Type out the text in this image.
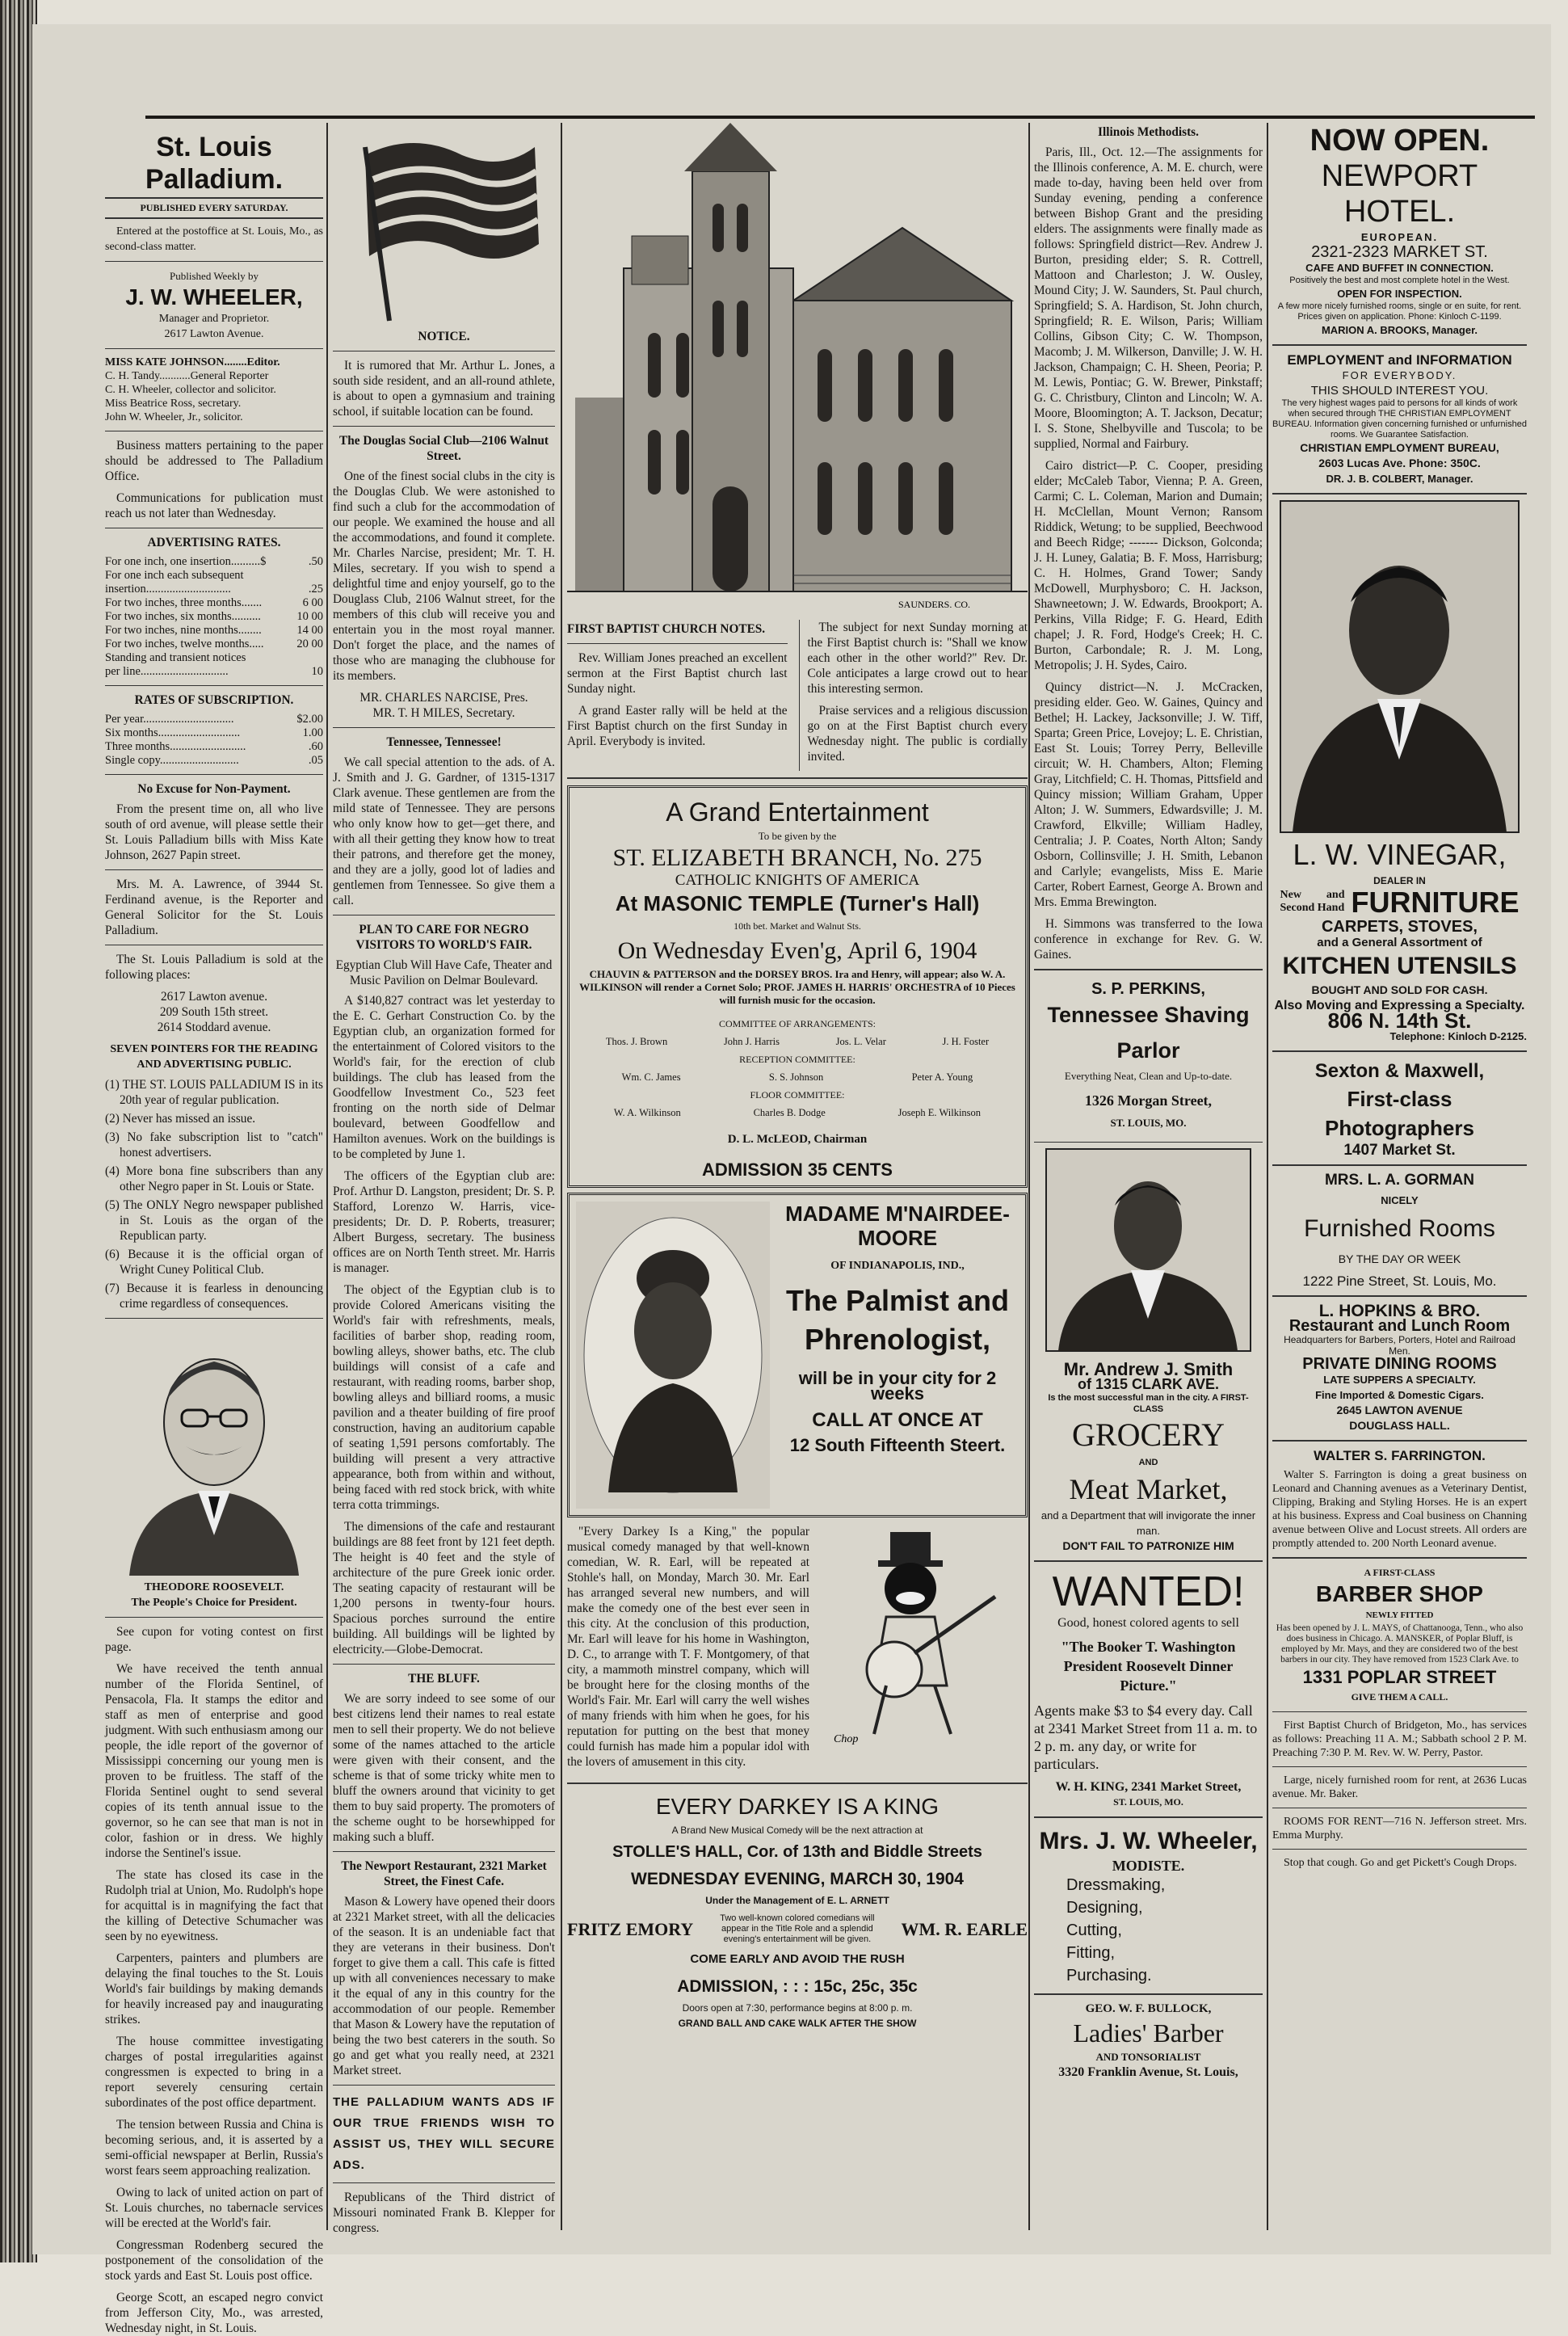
St. Louis Palladium.
PUBLISHED EVERY SATURDAY.

Entered at the postoffice at St. Louis, Mo., as second-class matter.

Published Weekly by
J. W. WHEELER,
Manager and Proprietor.
2617 Lawton Avenue.
MISS KATE JOHNSON........Editor.
C. H. Tandy...........General Reporter
C. H. Wheeler, collector and solicitor.
Miss Beatrice Ross, secretary.
John W. Wheeler, Jr., solicitor.

Business matters pertaining to the paper should be addressed to The Palladium Office.

Communications for publication must reach us not later than Wednesday.

ADVERTISING RATES.
For one inch, one insertion..........$	.50
For one inch each subsequent
insertion.............................	.25
For two inches, three months.......	6 00
For two inches, six months..........	10 00
For two inches, nine months........	14 00
For two inches, twelve months.....	20 00
Standing and transient notices
per line..............................	10
RATES OF SUBSCRIPTION.
Per year...............................	$2.00
Six months............................	1.00
Three months..........................	.60
Single copy...........................	.05
No Excuse for Non-Payment.

From the present time on, all who live south of ord avenue, will please settle their St. Louis Palladium bills with Miss Kate Johnson, 2627 Papin street.

Mrs. M. A. Lawrence, of 3944 St. Ferdinand avenue, is the Reporter and General Solicitor for the St. Louis Palladium.

The St. Louis Palladium is sold at the following places:

2617 Lawton avenue.
209 South 15th street.
2614 Stoddard avenue.
SEVEN POINTERS FOR THE READING AND ADVERTISING PUBLIC.
(1) THE ST. LOUIS PALLADIUM IS in its 20th year of regular publication.
(2) Never has missed an issue.
(3) No fake subscription list to "catch" honest advertisers.
(4) More bona fine subscribers than any other Negro paper in St. Louis or State.
(5) The ONLY Negro newspaper published in St. Louis as the organ of the Republican party.
(6) Because it is the official organ of Wright Cuney Political Club.
(7) Because it is fearless in denouncing crime regardless of consequences.
THEODORE ROOSEVELT.
The People's Choice for President.

See cupon for voting contest on first page.

We have received the tenth annual number of the Florida Sentinel, of Pensacola, Fla. It stamps the editor and staff as men of enterprise and good judgment. With such enthusiasm among our people, the idle report of the governor of Mississippi concerning our young men is proven to be fruitless. The staff of the Florida Sentinel ought to send several copies of its tenth annual issue to the governor, so he can see that man is not in color, fashion or in dress. We highly indorse the Sentinel's issue.

The state has closed its case in the Rudolph trial at Union, Mo. Rudolph's hope for acquittal is in magnifying the fact that the killing of Detective Schumacher was seen by no eyewitness.

Carpenters, painters and plumbers are delaying the final touches to the St. Louis World's fair buildings by making demands for heavily increased pay and inaugurating strikes.

The house committee investigating charges of postal irregularities against congressmen is expected to bring in a report severely censuring certain subordinates of the post office department.

The tension between Russia and China is becoming serious, and, it is asserted by a semi-official newspaper at Berlin, Russia's worst fears seem approaching realization.

Owing to lack of united action on part of St. Louis churches, no tabernacle services will be erected at the World's fair.

Congressman Rodenberg secured the postponement of the consolidation of the stock yards and East St. Louis post office.

George Scott, an escaped negro convict from Jefferson City, Mo., was arrested, Wednesday night, in St. Louis.

NOTICE.

It is rumored that Mr. Arthur L. Jones, a south side resident, and an all-round athlete, is about to open a gymnasium and training school, if suitable location can be found.

The Douglas Social Club—2106 Walnut Street.

One of the finest social clubs in the city is the Douglas Club. We were astonished to find such a club for the accommodation of our people. We examined the house and all the accommodations, and found it complete. Mr. Charles Narcise, president; Mr. T. H. Miles, secretary. If you wish to spend a delightful time and enjoy yourself, go to the Douglass Club, 2106 Walnut street, for the members of this club will receive you and entertain you in the most royal manner. Don't forget the place, and the names of those who are managing the clubhouse for its members.

MR. CHARLES NARCISE, Pres.
MR. T. H MILES, Secretary.
Tennessee, Tennessee!

We call special attention to the ads. of A. J. Smith and J. G. Gardner, of 1315-1317 Clark avenue. These gentlemen are from the mild state of Tennessee. They are persons who only know how to get—get there, and with all their getting they know how to treat their patrons, and therefore get the money, and they are a jolly, good lot of ladies and gentlemen from Tennessee. So give them a call.

PLAN TO CARE FOR NEGRO VISITORS TO WORLD'S FAIR.
Egyptian Club Will Have Cafe, Theater and Music Pavilion on Delmar Boulevard.

A $140,827 contract was let yesterday to the E. C. Gerhart Construction Co. by the Egyptian club, an organization formed for the entertainment of Colored visitors to the World's fair, for the erection of club buildings. The club has leased from the Goodfellow Investment Co., 523 feet fronting on the north side of Delmar boulevard, between Goodfellow and Hamilton avenues. Work on the buildings is to be completed by June 1.

The officers of the Egyptian club are: Prof. Arthur D. Langston, president; Dr. S. P. Stafford, Lorenzo W. Harris, vice-presidents; Dr. D. P. Roberts, treasurer; Albert Burgess, secretary. The business offices are on North Tenth street. Mr. Harris is manager.

The object of the Egyptian club is to provide Colored Americans visiting the World's fair with refreshments, meals, facilities of barber shop, reading room, bowling alleys, shower baths, etc. The club buildings will consist of a cafe and restaurant, with reading rooms, barber shop, bowling alleys and billiard rooms, a music pavilion and a theater building of fire proof construction, having an auditorium capable of seating 1,591 persons comfortably. The building will present a very attractive appearance, both from within and without, being faced with red stock brick, with white terra cotta trimmings.

The dimensions of the cafe and restaurant buildings are 88 feet front by 121 feet depth. The height is 40 feet and the style of architecture of the pure Greek ionic order. The seating capacity of restaurant will be 1,200 persons in twenty-four hours. Spacious porches surround the entire building. All buildings will be lighted by electricity.—Globe-Democrat.

THE BLUFF.

We are sorry indeed to see some of our best citizens lend their names to real estate men to sell their property. We do not believe some of the names attached to the article were given with their consent, and the scheme is that of some tricky white men to bluff the owners around that vicinity to get them to buy said property. The promoters of the scheme ought to be horsewhipped for making such a bluff.

The Newport Restaurant, 2321 Market Street, the Finest Cafe.

Mason & Lowery have opened their doors at 2321 Market street, with all the delicacies of the season. It is an undeniable fact that they are veterans in their business. Don't forget to give them a call. This cafe is fitted up with all conveniences necessary to make it the equal of any in this country for the accommodation of our people. Remember that Mason & Lowery have the reputation of being the two best caterers in the south. So go and get what you really need, at 2321 Market street.

THE PALLADIUM WANTS ADS IF OUR TRUE FRIENDS WISH TO ASSIST US, THEY WILL SECURE ADS.

Republicans of the Third district of Missouri nominated Frank B. Klepper for congress.

SAUNDERS. CO.
FIRST BAPTIST CHURCH NOTES.

Rev. William Jones preached an excellent sermon at the First Baptist church last Sunday night.

A grand Easter rally will be held at the First Baptist church on the first Sunday in April. Everybody is invited.

The subject for next Sunday morning at the First Baptist church is: "Shall we know each other in the other world?" Rev. Dr. Cole anticipates a large crowd out to hear this interesting sermon.

Praise services and a religious discussion go on at the First Baptist church every Wednesday night. The public is cordially invited.

A Grand Entertainment
To be given by the
ST. ELIZABETH BRANCH, No. 275
CATHOLIC KNIGHTS OF AMERICA
At MASONIC TEMPLE (Turner's Hall)
10th bet. Market and Walnut Sts.
On Wednesday Even'g, April 6, 1904
CHAUVIN & PATTERSON and the DORSEY BROS. Ira and Henry, will appear; also W. A. WILKINSON will render a Cornet Solo; PROF. JAMES H. HARRIS' ORCHESTRA of 10 Pieces will furnish music for the occasion.
COMMITTEE OF ARRANGEMENTS:
Thos. J. Brown	John J. Harris	Jos. L. Velar	J. H. Foster
RECEPTION COMMITTEE:
Wm. C. James	S. S. Johnson	Peter A. Young
FLOOR COMMITTEE:
W. A. Wilkinson	Charles B. Dodge	Joseph E. Wilkinson
D. L. McLEOD, Chairman
ADMISSION 35 CENTS
MADAME M'NAIRDEE-MOORE
OF INDIANAPOLIS, IND.,
The Palmist and Phrenologist,
will be in your city for 2 weeks
CALL AT ONCE AT
12 South Fifteenth Steert.

"Every Darkey Is a King," the popular musical comedy managed by that well-known comedian, W. R. Earl, will be repeated at Stohle's hall, on Monday, March 30. Mr. Earl has arranged several new numbers, and will make the comedy one of the best ever seen in this city. At the conclusion of this production, Mr. Earl will leave for his home in Washington, D. C., to arrange with T. F. Montgomery, of that city, a mammoth minstrel company, which will be brought here for the closing months of the World's Fair. Mr. Earl will carry the well wishes of many friends with him when he goes, for his reputation for putting on the best that money could furnish has made him a popular idol with the lovers of amusement in this city.

Chop
EVERY DARKEY IS A KING
A Brand New Musical Comedy will be the next attraction at
STOLLE'S HALL, Cor. of 13th and Biddle Streets
WEDNESDAY EVENING, MARCH 30, 1904
Under the Management of E. L. ARNETT
FRITZ EMORY
Two well-known colored comedians will appear in the Title Role and a splendid evening's entertainment will be given.	WM. R. EARLE
COME EARLY AND AVOID THE RUSH
ADMISSION, : : : 15c, 25c, 35c
Doors open at 7:30, performance begins at 8:00 p. m.
GRAND BALL AND CAKE WALK AFTER THE SHOW
Illinois Methodists.

Paris, Ill., Oct. 12.—The assignments for the Illinois conference, A. M. E. church, were made to-day, having been held over from Sunday evening, pending a conference between Bishop Grant and the presiding elders. The assignments were finally made as follows: Springfield district—Rev. Andrew J. Burton, presiding elder; S. R. Cottrell, Mattoon and Charleston; J. W. Ousley, Mound City; J. W. Saunders, St. Paul church, Springfield; S. A. Hardison, St. John church, Springfield; R. E. Wilson, Paris; William Collins, Gibson City; C. W. Thompson, Macomb; J. M. Wilkerson, Danville; J. W. H. Jackson, Champaign; C. H. Sheen, Peoria; P. M. Lewis, Pontiac; G. W. Brewer, Pinkstaff; G. C. Christbury, Clinton and Lincoln; W. A. Moore, Bloomington; A. T. Jackson, Decatur; I. S. Stone, Shelbyville and Tuscola; to be supplied, Normal and Fairbury.

Cairo district—P. C. Cooper, presiding elder; McCaleb Tabor, Vienna; P. A. Green, Carmi; C. L. Coleman, Marion and Dumain; H. McClellan, Mount Vernon; Ransom Riddick, Wetung; to be supplied, Beechwood and Beech Ridge; ------- Dickson, Golconda; J. H. Luney, Galatia; B. F. Moss, Harrisburg; C. H. Holmes, Grand Tower; Sandy McDowell, Murphysboro; C. H. Jackson, Shawneetown; J. W. Edwards, Brookport; A. Perkins, Villa Ridge; F. G. Heard, Edith chapel; J. R. Ford, Hodge's Creek; H. C. Burton, Carbondale; R. J. M. Long, Metropolis; J. H. Sydes, Cairo.

Quincy district—N. J. McCracken, presiding elder. Geo. W. Gaines, Quincy and Bethel; H. Lackey, Jacksonville; J. W. Tiff, Sparta; Green Price, Lovejoy; L. E. Christian, East St. Louis; Torrey Perry, Belleville circuit; W. H. Chambers, Alton; Fleming Gray, Litchfield; C. H. Thomas, Pittsfield and Quincy mission; William Graham, Upper Alton; J. W. Summers, Edwardsville; J. M. Crawford, Elkville; William Hadley, Centralia; J. P. Coates, North Alton; Sandy Osborn, Collinsville; J. H. Smith, Lebanon and Carlyle; evangelists, Miss E. Marie Carter, Robert Earnest, George A. Brown and Mrs. Emma Brewington.

H. Simmons was transferred to the Iowa conference in exchange for Rev. G. W. Gaines.

S. P. PERKINS,
Tennessee Shaving Parlor
Everything Neat, Clean and Up-to-date.
1326 Morgan Street,
ST. LOUIS, MO.
Mr. Andrew J. Smith
of 1315 CLARK AVE.
Is the most successful man in the city. A FIRST-CLASS
GROCERY
AND
Meat Market,
and a Department that will invigorate the inner man.
DON'T FAIL TO PATRONIZE HIM
WANTED!
Good, honest colored agents to sell
"The Booker T. Washington President Roosevelt Dinner Picture."
Agents make $3 to $4 every day. Call at 2341 Market Street from 11 a. m. to 2 p. m. any day, or write for particulars.
W. H. KING, 2341 Market Street,
ST. LOUIS, MO.
Mrs. J. W. Wheeler,
MODISTE.
Dressmaking,
Designing,
Cutting,
Fitting,
Purchasing.
GEO. W. F. BULLOCK,
Ladies' Barber
AND TONSORIALIST
3320 Franklin Avenue, St. Louis,
NOW OPEN.
NEWPORT HOTEL.
EUROPEAN.
2321-2323 MARKET ST.
CAFE AND BUFFET IN CONNECTION.
Positively the best and most complete hotel in the West.
OPEN FOR INSPECTION.
A few more nicely furnished rooms, single or en suite, for rent. Prices given on application. Phone: Kinloch C-1199.
MARION A. BROOKS, Manager.
EMPLOYMENT and INFORMATION
FOR EVERYBODY.
THIS SHOULD INTEREST YOU.
The very highest wages paid to persons for all kinds of work when secured through THE CHRISTIAN EMPLOYMENT BUREAU. Information given concerning furnished or unfurnished rooms. We Guarantee Satisfaction.
CHRISTIAN EMPLOYMENT BUREAU,
2603 Lucas Ave. Phone: 350C.
DR. J. B. COLBERT, Manager.
L. W. VINEGAR,
DEALER IN
New and Second Hand FURNITURE
CARPETS, STOVES,
and a General Assortment of
KITCHEN UTENSILS
BOUGHT AND SOLD FOR CASH.
Also Moving and Expressing a Specialty.
806 N. 14th St.
Telephone: Kinloch D-2125.
Sexton & Maxwell,
First-class Photographers
1407 Market St.
MRS. L. A. GORMAN
NICELY
Furnished Rooms
BY THE DAY OR WEEK
1222 Pine Street, St. Louis, Mo.
L. HOPKINS & BRO.
Restaurant and Lunch Room
Headquarters for Barbers, Porters, Hotel and Railroad Men.
PRIVATE DINING ROOMS
LATE SUPPERS A SPECIALTY.
Fine Imported & Domestic Cigars.
2645 LAWTON AVENUE
DOUGLASS HALL.
WALTER S. FARRINGTON.

Walter S. Farrington is doing a great business on Leonard and Channing avenues as a Veterinary Dentist, Clipping, Braking and Styling Horses. He is an expert at his business. Express and Coal business on Channing avenue between Olive and Locust streets. All orders are promptly attended to. 200 North Leonard avenue.

A FIRST-CLASS
BARBER SHOP
NEWLY FITTED
Has been opened by J. L. MAYS, of Chattanooga, Tenn., who also does business in Chicago. A. MANSKER, of Poplar Bluff, is employed by Mr. Mays, and they are considered two of the best barbers in our city. They have removed from 1523 Clark Ave. to
1331 POPLAR STREET
GIVE THEM A CALL.

First Baptist Church of Bridgeton, Mo., has services as follows: Preaching 11 A. M.; Sabbath school 2 P. M. Preaching 7:30 P. M. Rev. W. W. Perry, Pastor.

Large, nicely furnished room for rent, at 2636 Lucas avenue. Mr. Baker.

ROOMS FOR RENT—716 N. Jefferson street. Mrs. Emma Murphy.

Stop that cough. Go and get Pickett's Cough Drops.
